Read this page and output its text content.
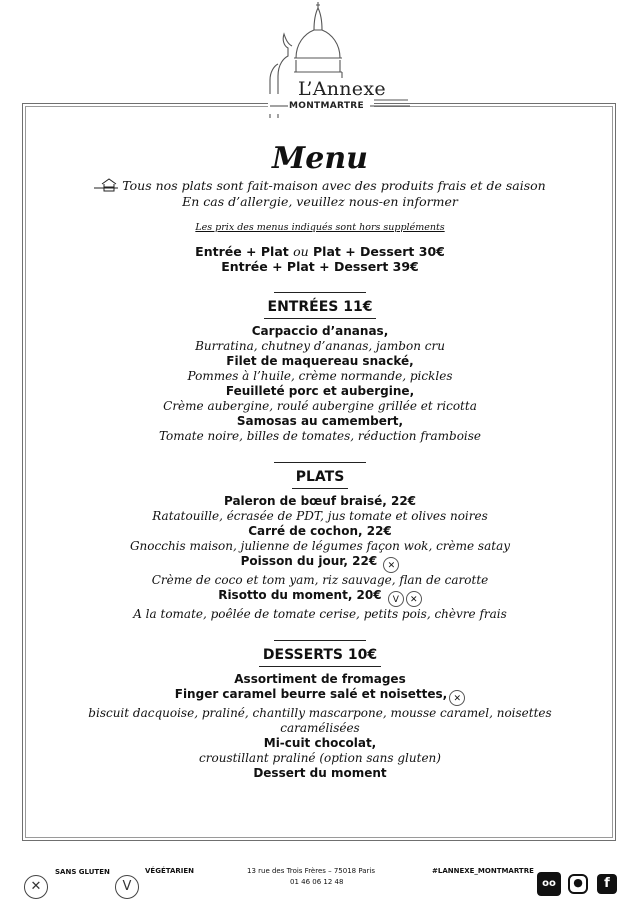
L’Annexe
MONTMARTRE
Menu
Tous nos plats sont fait-maison avec des produits frais et de saison
En cas d’allergie, veuillez nous-en informer
Les prix des menus indiqués sont hors suppléments
Entrée + Plat ou Plat + Dessert 30€
Entrée + Plat + Dessert 39€
ENTRÉES 11€
Carpaccio d’ananas,
Burratina, chutney d’ananas, jambon cru
Filet de maquereau snacké,
Pommes à l’huile, crème normande, pickles
Feuilleté porc et aubergine,
Crème aubergine, roulé aubergine grillée et ricotta
Samosas au camembert,
Tomate noire, billes de tomates, réduction framboise
PLATS
Paleron de bœuf braisé, 22€
Ratatouille, écrasée de PDT, jus tomate et olives noires
Carré de cochon, 22€
Gnocchis maison, julienne de légumes façon wok, crème satay
Poisson du jour, 22€ ✕
Crème de coco et tom yam, riz sauvage, flan de carotte
Risotto du moment, 20€ V ✕
A la tomate, poêlée de tomate cerise, petits pois, chèvre frais
DESSERTS 10€
Assortiment de fromages
Finger caramel beurre salé et noisettes, ✕
biscuit dacquoise, praliné, chantilly mascarpone, mousse caramel, noisettes
caramélisées
Mi-cuit chocolat,
croustillant praliné (option sans gluten)
Dessert du moment
SANS GLUTEN
✕
VÉGÉTARIEN
V
13 rue des Trois Frères – 75018 Paris
01 46 06 12 48
#LANNEXE_MONTMARTRE
oo	●	f
